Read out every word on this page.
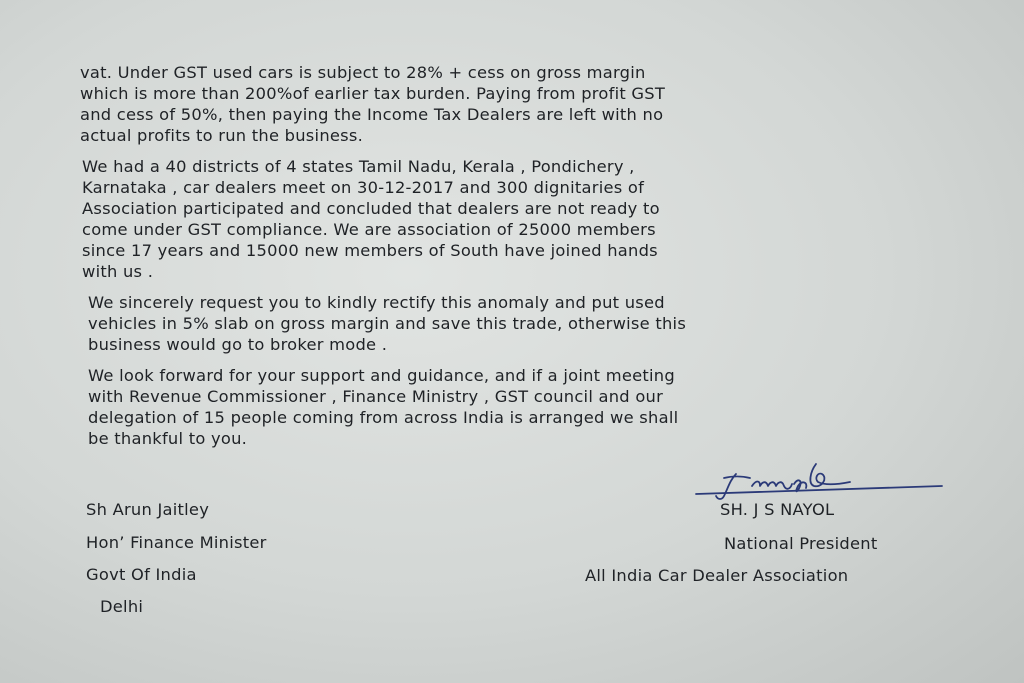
vat. Under GST used cars is subject to 28% + cess on gross margin
which is more than 200%of earlier tax burden. Paying from profit GST
and cess of 50%, then paying the Income Tax Dealers are left with no
actual profits to run the business.

We had a 40 districts of 4 states Tamil Nadu, Kerala , Pondichery ,
Karnataka , car dealers meet on 30-12-2017 and 300 dignitaries of
Association participated and concluded that dealers are not ready to
come under GST compliance. We are association of 25000 members
since 17 years and 15000 new members of South have joined hands
with us .

We sincerely request you to kindly rectify this anomaly and put used
vehicles in 5% slab on gross margin and save this trade, otherwise this
business would go to broker mode .

We look forward for your support and guidance, and if a joint meeting
with Revenue Commissioner , Finance Ministry , GST council and our
delegation of 15 people coming from across India is arranged we shall
be thankful to you.

Sh Arun Jaitley
Hon’ Finance Minister
Govt Of India
Delhi
SH. J S NAYOL
National President
All India Car Dealer Association
